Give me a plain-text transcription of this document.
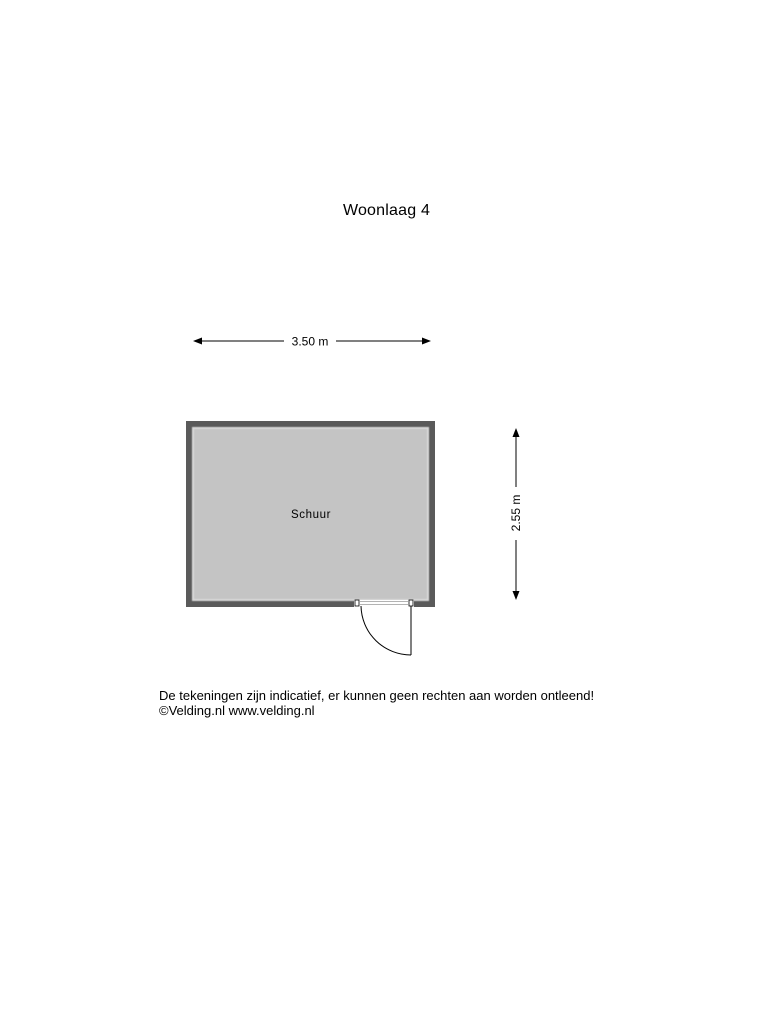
Woonlaag 4
3.50 m
2.55 m
Schuur
De tekeningen zijn indicatief, er kunnen geen rechten aan worden ontleend!
©Velding.nl www.velding.nl
